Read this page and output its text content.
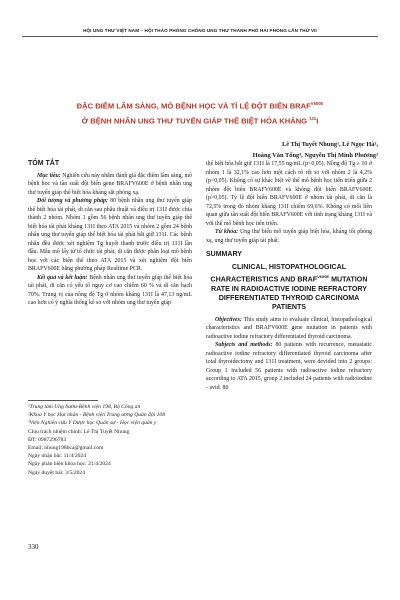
HỘI UNG THƯ VIỆT NAM – HỘI THẢO PHÒNG CHỐNG UNG THƯ THÀNH PHỐ HẢI PHÒNG LẦN THỨ VII
ĐẶC ĐIỂM LÂM SÀNG, MÔ BỆNH HỌC VÀ TỈ LỆ ĐỘT BIẾN $BRAF^{V600E}$
Ở BỆNH NHÂN UNG THƯ TUYẾN GIÁP THỂ BIỆT HÓA KHÁNG $^{131}$I
Lê Thị Tuyết Nhung¹, Lê Ngọc Hà²,
Hoàng Văn Tổng³, Nguyễn Thị Minh Phương²
TÓM TẮT
Mục tiêu: Nghiên cứu này nhằm đánh giá đặc điểm lâm sàng, mô bệnh học và tần suất đột biến gene BRAFV600E ở bệnh nhân ung thư tuyến giáp thể biệt hóa kháng sắt phóng xạ.
Đối tượng và phương pháp: 80 bệnh nhân ung thư tuyến giáp thể biệt hóa tái phát, di căn sau phẫu thuật và điều trị 131I được chia thành 2 nhóm. Nhóm 1 gồm 56 bệnh nhân ung thư tuyến giáp thể biệt hóa tái phát kháng 131I theo ATA 2015 và nhóm 2 gồm 24 bệnh nhân ung thư tuyến giáp thể biệt hóa tái phát bắt giữ 131I. Các bệnh nhân đều được xét nghiệm Tg huyết thanh trước điều trị 131I lần đầu. Mẫu mô lấy từ tổ chức tái phát, di căn được phân loại mô bệnh học với các biến thể theo ATA 2015 và xét nghiệm đột biến BRAFV600E bằng phương pháp Realtime PCR.
Kết quả và kết luận: Bệnh nhân ung thư tuyến giáp thể biệt hóa tái phát, di căn có yếu tố nguy cơ cao chiếm 60 % và di căn hạch 70%. Trung vị của nồng độ Tg ở nhóm kháng 131I là 47,13 ng/mL cao hơn có ý nghĩa thống kê so với nhóm ung thư tuyến giáp
¹Trung tâm Ung bướu-Bệnh viện 198, Bộ Công an
²Khoa Y học Hạt nhân - Bệnh viện Trung ương Quân đội 108
³Viện Nghiên cứu Y Dược học Quân sự - Học viện quân y
Chịu trách nhiệm chính: Lê Thị Tuyết Nhung
ĐT: 0987296783
Email: nhung198bca@gmail.com
Ngày nhận bài: 11/4/2024
Ngày phản biện khoa học: 21/4/2024
Ngày duyệt bài: 3/5/2024
thể biệt hóa bắt giữ 131I là 17,55 ng/mL (p<0,05). Nồng độ Tg ≥ 10 ở nhóm 1 là 32,1% cao hơn một cách rõ rệt so với nhóm 2 là 4,2% (p<0,05). Không có sự khác biệt về thể mô bệnh học tiến triển giữa 2 nhóm đột biến BRAFV600E và không đột biến BRAFV600E (p>0,05). Tỷ lệ đột biến BRAFV600E ở nhóm tái phát, di căn là 72,5% trong đó nhóm kháng 131I chiếm 69,6%. Không có mối liên quan giữa tần suất đột biến BRAFV600E với tình trạng kháng 131I và với thể mô bệnh học tiến triển.
Từ khóa: Ung thư biểu mô tuyến giáp biệt hóa, kháng iốt phóng xạ, ung thư tuyến giáp tái phát.
SUMMARY
CLINICAL, HISTOPATHOLOGICAL CHARACTERISTICS AND $BRAF^{V600E}$ MUTATION RATE IN RADIOACTIVE IODINE REFRACTORY DIFFERENTIATED THYROID CARCINOMA PATIENTS
Objectives: This study aims to evaluate clinical, histopathological characteristics and BRAFV600E gene mutation in patients with radioactive iodine refractory differentiated thyroid carcinoma.
Subjects and methods: 80 patients with recurrence, metastatic radioactive iodine refractory differentiated thyroid carcinoma after total thyroidectomy and 131I treatment, were devided into 2 groups: Group 1 included 56 patients with radioactive iodine refractory according to ATA 2015, group 2 included 24 patients with radioiodine - avid. 80
330
